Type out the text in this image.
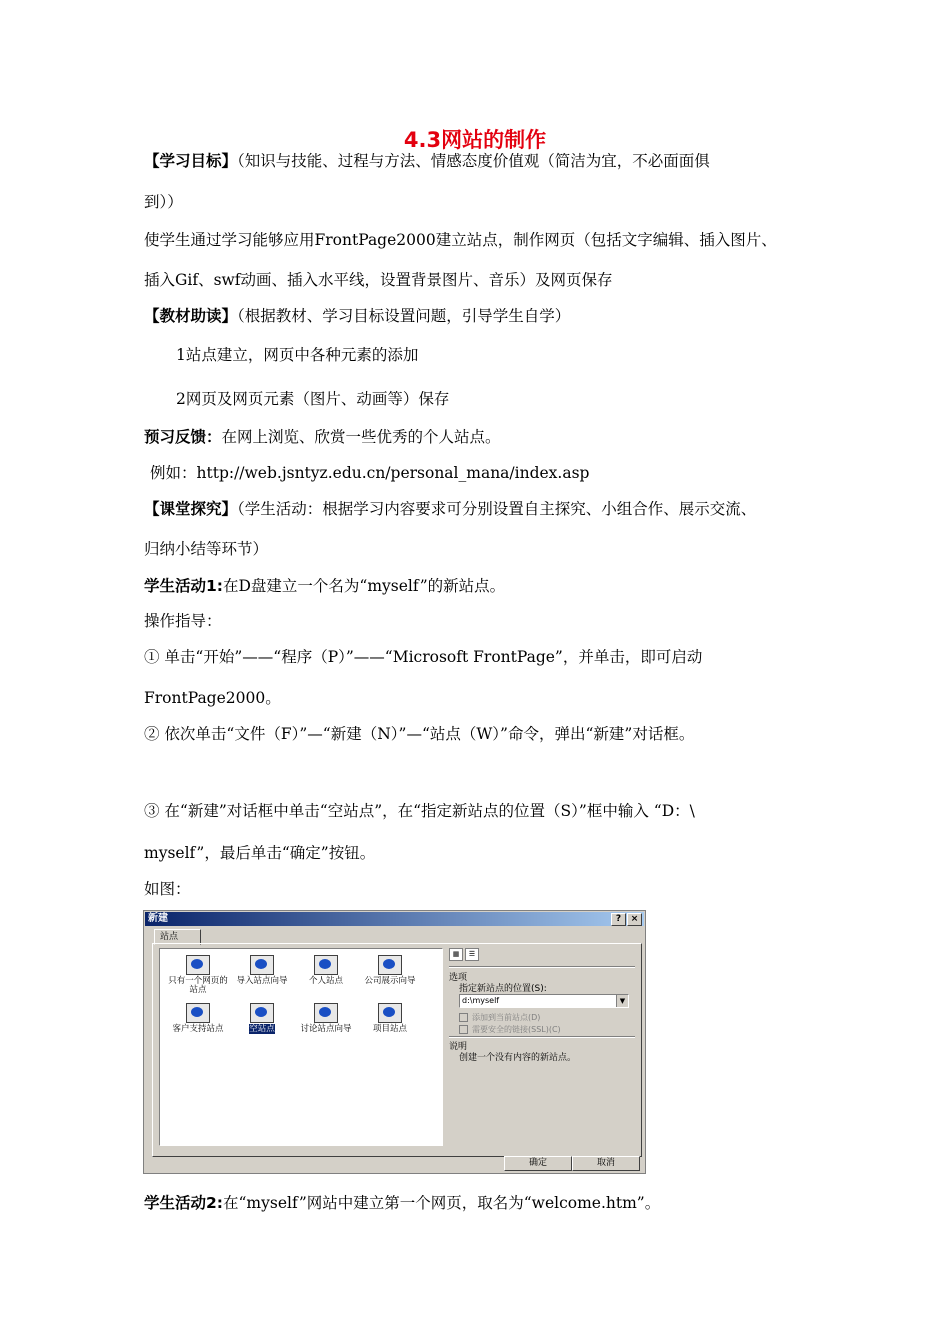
4.3网站的制作
【学习目标】（知识与技能、过程与方法、情感态度价值观（简洁为宜，不必面面俱
到））
使学生通过学习能够应用FrontPage2000建立站点，制作网页（包括文字编辑、插入图片、
插入Gif、swf动画、插入水平线，设置背景图片、音乐）及网页保存
【教材助读】（根据教材、学习目标设置问题，引导学生自学）
1站点建立，网页中各种元素的添加
2网页及网页元素（图片、动画等）保存
预习反馈：在网上浏览、欣赏一些优秀的个人站点。
例如：http://web.jsntyz.edu.cn/personal_mana/index.asp
【课堂探究】（学生活动：根据学习内容要求可分别设置自主探究、小组合作、展示交流、
归纳小结等环节）
学生活动1:在D盘建立一个名为“myself”的新站点。
操作指导：
① 单击“开始”——“程序（P）”——“Microsoft FrontPage”，并单击，即可启动
FrontPage2000。
② 依次单击“文件（F）”—“新建（N）”—“站点（W）”命令，弹出“新建”对话框。
③ 在“新建”对话框中单击“空站点”，在“指定新站点的位置（S）”框中输入 “D：\
myself”，最后单击“确定”按钮。
如图：
新建	?	×
站点
只有一个网页的站点
导入站点向导	个人站点	公司展示向导
客户支持站点	空站点	讨论站点向导	项目站点
▦ ☰
选项
指定新站点的位置(S):
d:\myself	▼
添加到当前站点(D)
需要安全的链接(SSL)(C)
说明
创建一个没有内容的新站点。
确定	取消
学生活动2:在“myself”网站中建立第一个网页，取名为“welcome.htm”。
